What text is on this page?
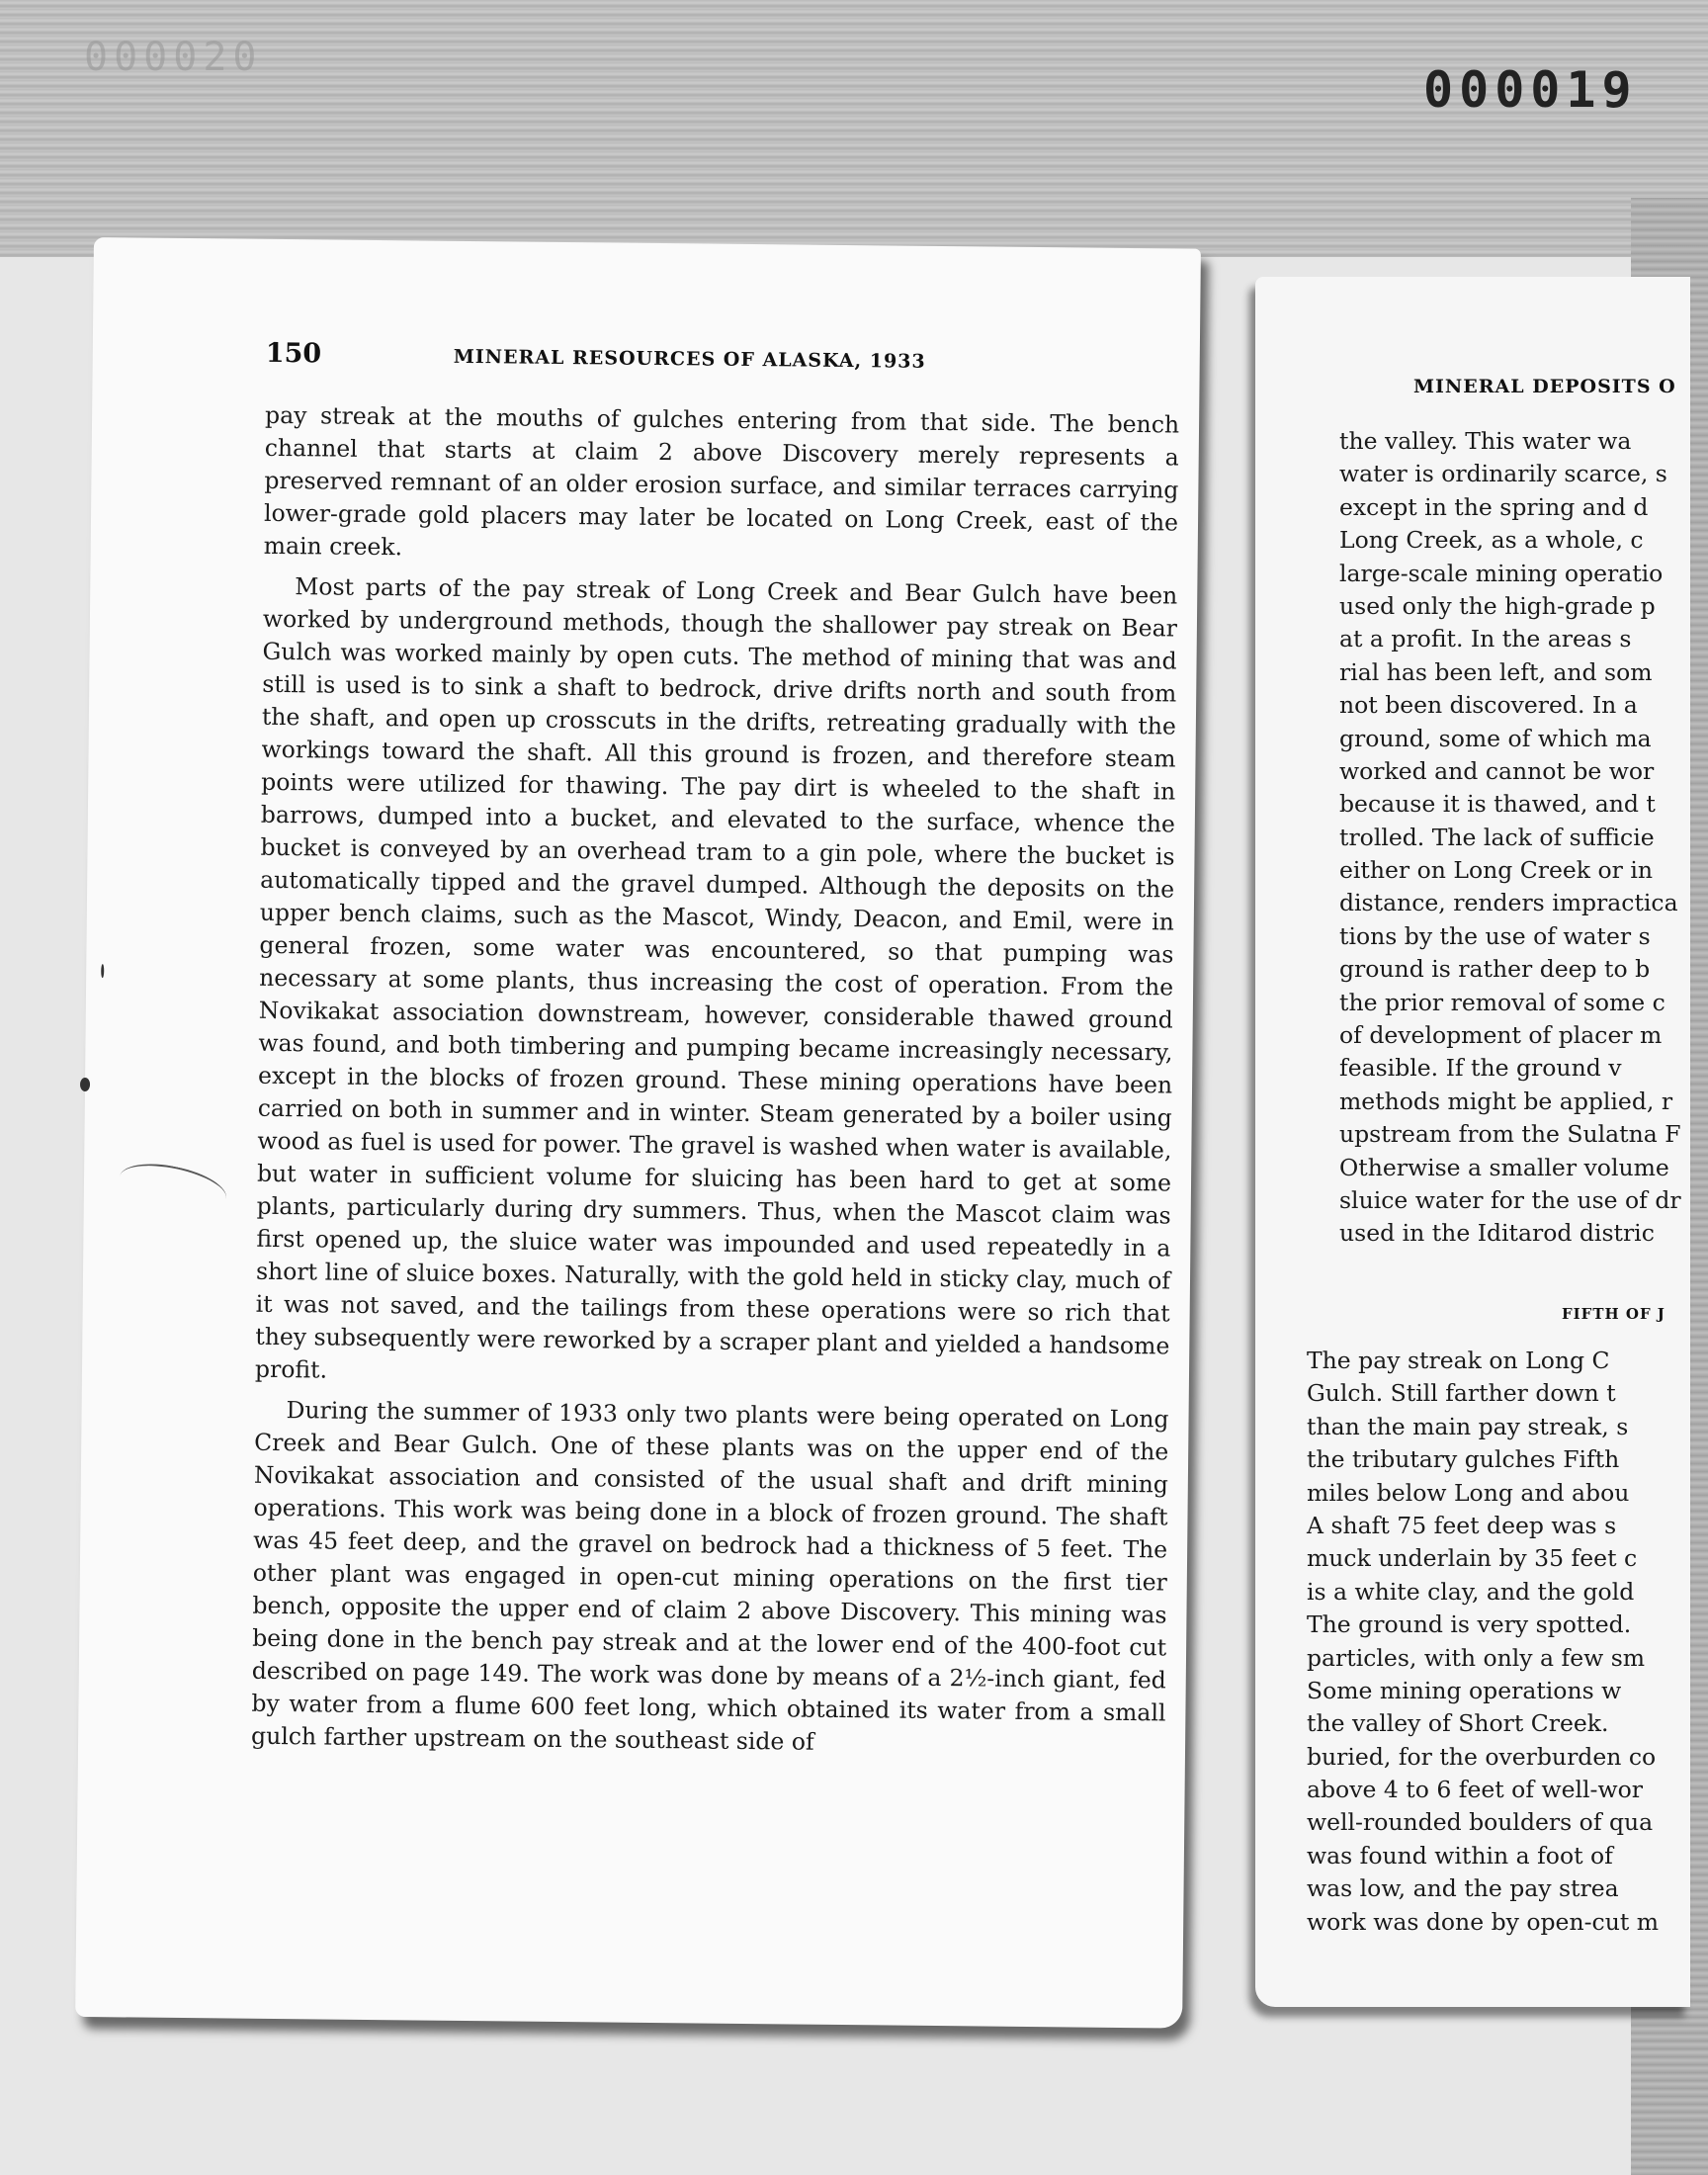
000020
000019
150	MINERAL RESOURCES OF ALASKA, 1933

pay streak at the mouths of gulches entering from that side. The bench channel that starts at claim 2 above Discovery merely represents a preserved remnant of an older erosion surface, and similar terraces carrying lower-grade gold placers may later be located on Long Creek, east of the main creek.

Most parts of the pay streak of Long Creek and Bear Gulch have been worked by underground methods, though the shallower pay streak on Bear Gulch was worked mainly by open cuts. The method of mining that was and still is used is to sink a shaft to bedrock, drive drifts north and south from the shaft, and open up crosscuts in the drifts, retreating gradually with the workings toward the shaft. All this ground is frozen, and therefore steam points were utilized for thawing. The pay dirt is wheeled to the shaft in barrows, dumped into a bucket, and elevated to the surface, whence the bucket is conveyed by an overhead tram to a gin pole, where the bucket is automatically tipped and the gravel dumped. Although the deposits on the upper bench claims, such as the Mascot, Windy, Deacon, and Emil, were in general frozen, some water was encountered, so that pumping was necessary at some plants, thus increasing the cost of operation. From the Novikakat association downstream, however, considerable thawed ground was found, and both timbering and pumping became increasingly necessary, except in the blocks of frozen ground. These mining operations have been carried on both in summer and in winter. Steam generated by a boiler using wood as fuel is used for power. The gravel is washed when water is available, but water in sufficient volume for sluicing has been hard to get at some plants, particularly during dry summers. Thus, when the Mascot claim was first opened up, the sluice water was impounded and used repeatedly in a short line of sluice boxes. Naturally, with the gold held in sticky clay, much of it was not saved, and the tailings from these operations were so rich that they subsequently were reworked by a scraper plant and yielded a handsome profit.

During the summer of 1933 only two plants were being operated on Long Creek and Bear Gulch. One of these plants was on the upper end of the Novikakat association and consisted of the usual shaft and drift mining operations. This work was being done in a block of frozen ground. The shaft was 45 feet deep, and the gravel on bedrock had a thickness of 5 feet. The other plant was engaged in open-cut mining operations on the first tier bench, opposite the upper end of claim 2 above Discovery. This mining was being done in the bench pay streak and at the lower end of the 400-foot cut described on page 149. The work was done by means of a 2½-inch giant, fed by water from a flume 600 feet long, which obtained its water from a small gulch farther upstream on the southeast side of

MINERAL DEPOSITS O
the valley. This water wa
water is ordinarily scarce, s
except in the spring and d
Long Creek, as a whole, c
large-scale mining operatio
used only the high-grade p
at a profit. In the areas s
rial has been left, and som
not been discovered. In a
ground, some of which ma
worked and cannot be wor
because it is thawed, and t
trolled. The lack of sufficie
either on Long Creek or in
distance, renders impractica
tions by the use of water s
ground is rather deep to b
the prior removal of some c
of development of placer m
feasible. If the ground v
methods might be applied, r
upstream from the Sulatna F
Otherwise a smaller volume
sluice water for the use of dr
used in the Iditarod distric
FIFTH OF J
The pay streak on Long C
Gulch. Still farther down t
than the main pay streak, s
the tributary gulches Fifth
miles below Long and abou
A shaft 75 feet deep was s
muck underlain by 35 feet c
is a white clay, and the gold
The ground is very spotted.
particles, with only a few sm
Some mining operations w
the valley of Short Creek.
buried, for the overburden co
above 4 to 6 feet of well-wor
well-rounded boulders of qua
was found within a foot of
was low, and the pay strea
work was done by open-cut m
